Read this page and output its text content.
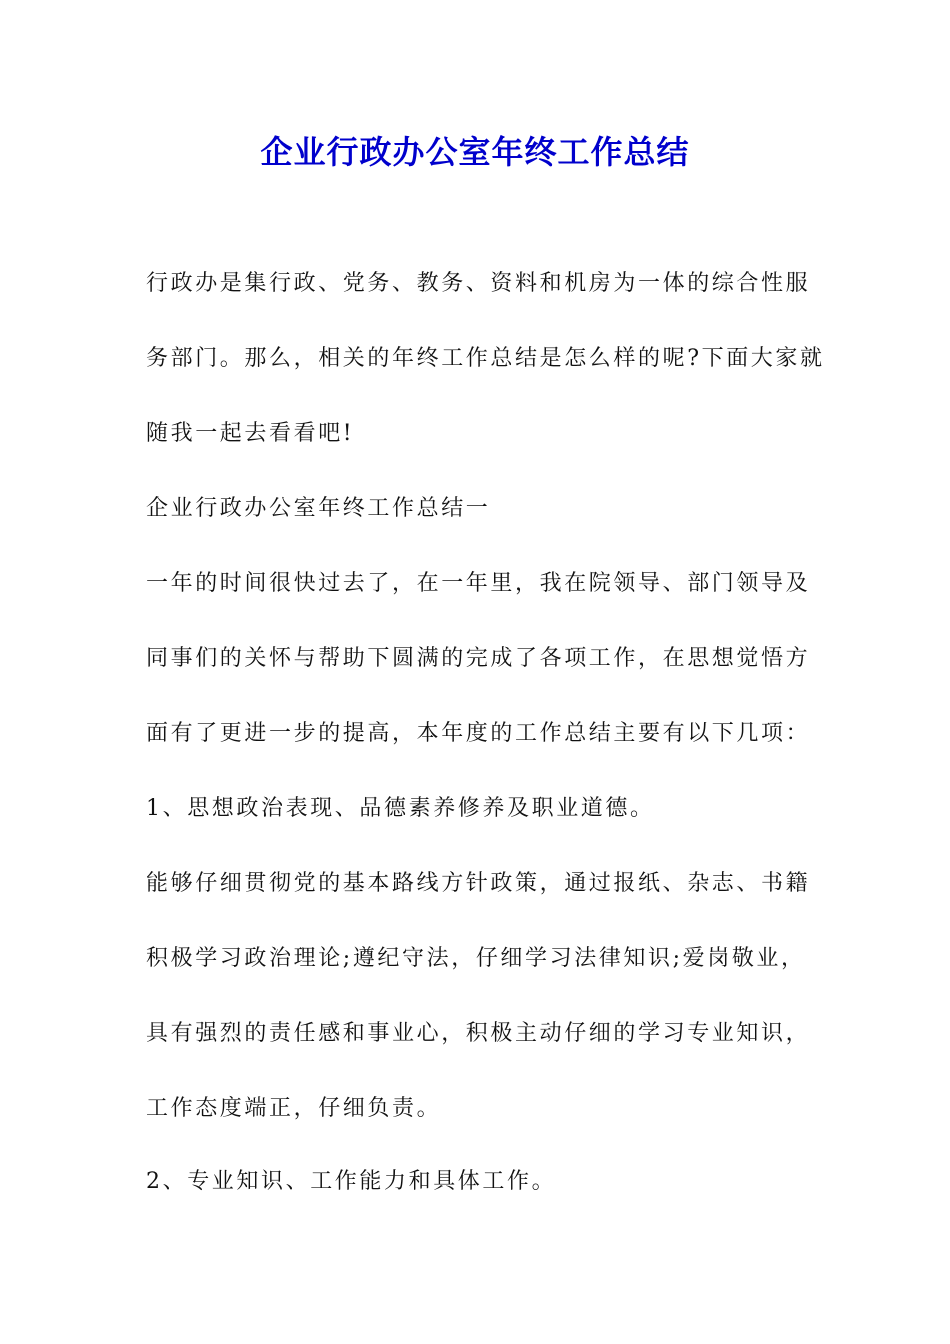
企业行政办公室年终工作总结

行政办是集行政、党务、教务、资料和机房为一体的综合性服

务部门。那么，相关的年终工作总结是怎么样的呢?下面大家就

随我一起去看看吧!

企业行政办公室年终工作总结一

一年的时间很快过去了，在一年里，我在院领导、部门领导及

同事们的关怀与帮助下圆满的完成了各项工作，在思想觉悟方

面有了更进一步的提高，本年度的工作总结主要有以下几项：

1、思想政治表现、品德素养修养及职业道德。

能够仔细贯彻党的基本路线方针政策，通过报纸、杂志、书籍

积极学习政治理论;遵纪守法，仔细学习法律知识;爱岗敬业，

具有强烈的责任感和事业心，积极主动仔细的学习专业知识，

工作态度端正，仔细负责。

2、专业知识、工作能力和具体工作。
